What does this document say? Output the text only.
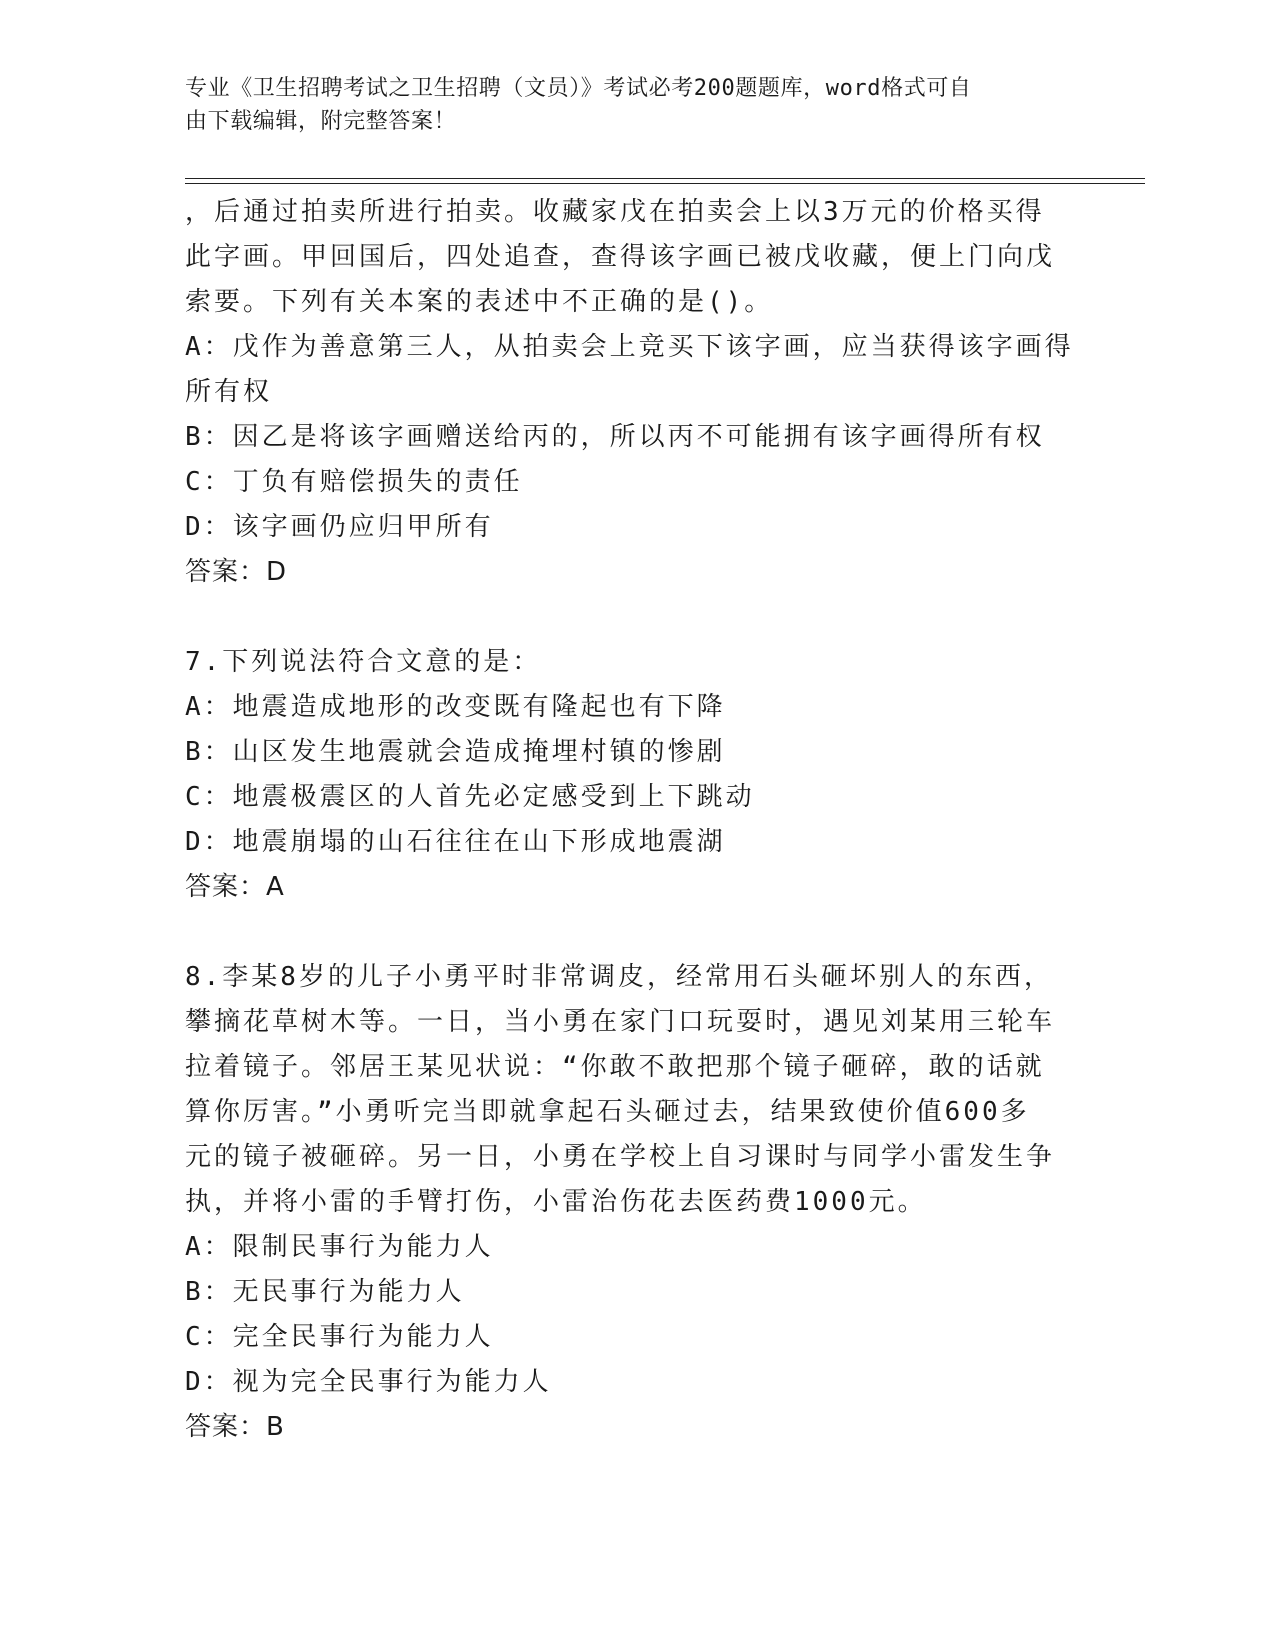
专业《卫生招聘考试之卫生招聘（文员）》考试必考200题题库，word格式可自
由下载编辑，附完整答案！
，后通过拍卖所进行拍卖。收藏家戊在拍卖会上以3万元的价格买得
此字画。甲回国后，四处追查，查得该字画已被戊收藏，便上门向戊
索要。下列有关本案的表述中不正确的是()。
A：戊作为善意第三人，从拍卖会上竞买下该字画，应当获得该字画得
所有权
B：因乙是将该字画赠送给丙的，所以丙不可能拥有该字画得所有权
C：丁负有赔偿损失的责任
D：该字画仍应归甲所有
答案：D
7.下列说法符合文意的是：
A：地震造成地形的改变既有隆起也有下降
B：山区发生地震就会造成掩埋村镇的惨剧
C：地震极震区的人首先必定感受到上下跳动
D：地震崩塌的山石往往在山下形成地震湖
答案：A
8.李某8岁的儿子小勇平时非常调皮，经常用石头砸坏别人的东西，
攀摘花草树木等。一日，当小勇在家门口玩耍时，遇见刘某用三轮车
拉着镜子。邻居王某见状说：“你敢不敢把那个镜子砸碎，敢的话就
算你厉害。”小勇听完当即就拿起石头砸过去，结果致使价值600多
元的镜子被砸碎。另一日，小勇在学校上自习课时与同学小雷发生争
执，并将小雷的手臂打伤，小雷治伤花去医药费1000元。
A：限制民事行为能力人
B：无民事行为能力人
C：完全民事行为能力人
D：视为完全民事行为能力人
答案：B
